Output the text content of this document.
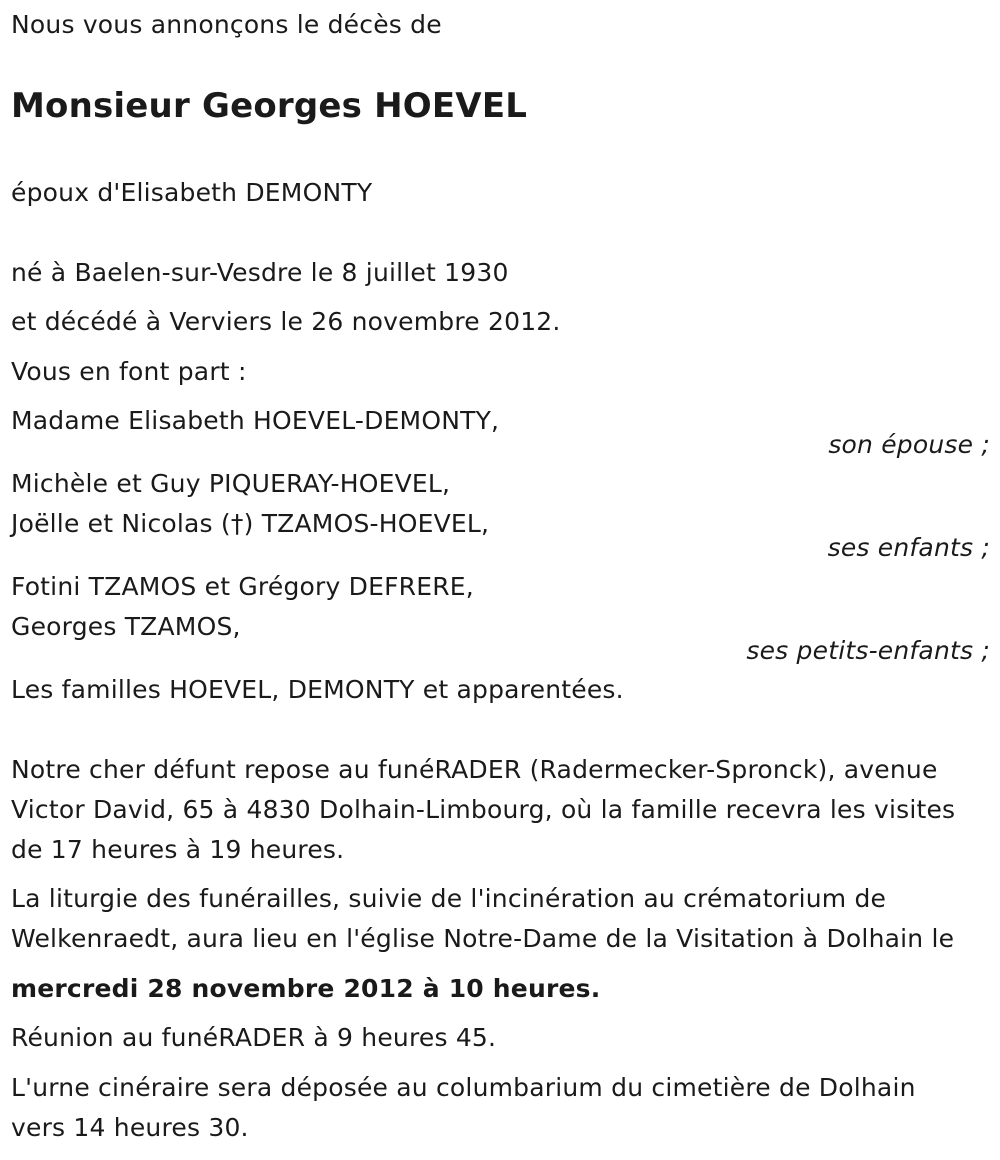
Nous vous annonçons le décès de
Monsieur Georges HOEVEL
époux d'Elisabeth DEMONTY
né à Baelen-sur-Vesdre le 8 juillet 1930
et décédé à Verviers le 26 novembre 2012.
Vous en font part :
Madame Elisabeth HOEVEL-DEMONTY,
son épouse ;
Michèle et Guy PIQUERAY-HOEVEL,
Joëlle et Nicolas (†) TZAMOS-HOEVEL,
ses enfants ;
Fotini TZAMOS et Grégory DEFRERE,
Georges TZAMOS,
ses petits-enfants ;
Les familles HOEVEL, DEMONTY et apparentées.
Notre cher défunt repose au funéRADER (Radermecker-Spronck), avenue
Victor David, 65 à 4830 Dolhain-Limbourg, où la famille recevra les visites
de 17 heures à 19 heures.
La liturgie des funérailles, suivie de l'incinération au crématorium de
Welkenraedt, aura lieu en l'église Notre-Dame de la Visitation à Dolhain le
mercredi 28 novembre 2012 à 10 heures.
Réunion au funéRADER à 9 heures 45.
L'urne cinéraire sera déposée au columbarium du cimetière de Dolhain
vers 14 heures 30.
